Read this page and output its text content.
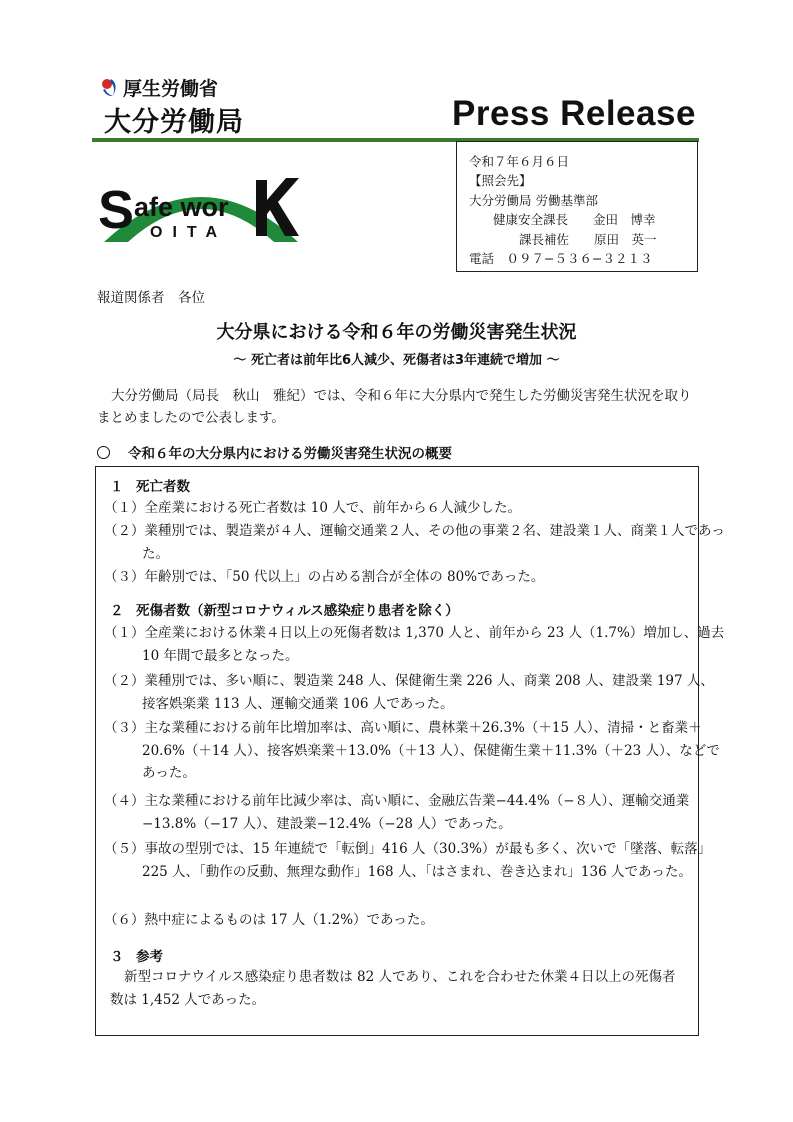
厚生労働省
大分労働局	Press Release
S afe wor
OITA
令和７年６月６日
【照会先】
大分労働局 労働基準部
健康安全課長　　金田　博幸
課長補佐　　原田　英一
電話　０９７−５３６−３２１３
報道関係者　各位
大分県における令和６年の労働災害発生状況
〜 死亡者は前年比6人減少、死傷者は3年連続で増加 〜
大分労働局（局長　秋山　雅紀）では、令和６年に大分県内で発生した労働災害発生状況を取りまとめましたので公表します。
令和６年の大分県内における労働災害発生状況の概要
１ 死亡者数
（１）全産業における死亡者数は 10 人で、前年から６人減少した。
（２）業種別では、製造業が４人、運輸交通業２人、その他の事業２名、建設業１人、商業１人であった。
（３）年齢別では、「50 代以上」の占める割合が全体の 80%であった。
２ 死傷者数（新型コロナウィルス感染症り患者を除く）
（１）全産業における休業４日以上の死傷者数は 1,370 人と、前年から 23 人（1.7%）増加し、過去 10 年間で最多となった。
（２）業種別では、多い順に、製造業 248 人、保健衛生業 226 人、商業 208 人、建設業 197 人、接客娯楽業 113 人、運輸交通業 106 人であった。
（３）主な業種における前年比増加率は、高い順に、農林業＋26.3%（＋15 人）、清掃・と畜業＋20.6%（＋14 人）、接客娯楽業＋13.0%（＋13 人）、保健衛生業＋11.3%（＋23 人）、などであった。
（４）主な業種における前年比減少率は、高い順に、金融広告業−44.4%（−８人）、運輸交通業−13.8%（−17 人）、建設業−12.4%（−28 人）であった。
（５）事故の型別では、15 年連続で「転倒」416 人（30.3%）が最も多く、次いで「墜落、転落」225 人、「動作の反動、無理な動作」168 人、「はさまれ、巻き込まれ」136 人であった。
（６）熱中症によるものは 17 人（1.2%）であった。
３ 参考
新型コロナウイルス感染症り患者数は 82 人であり、これを合わせた休業４日以上の死傷者数は 1,452 人であった。
